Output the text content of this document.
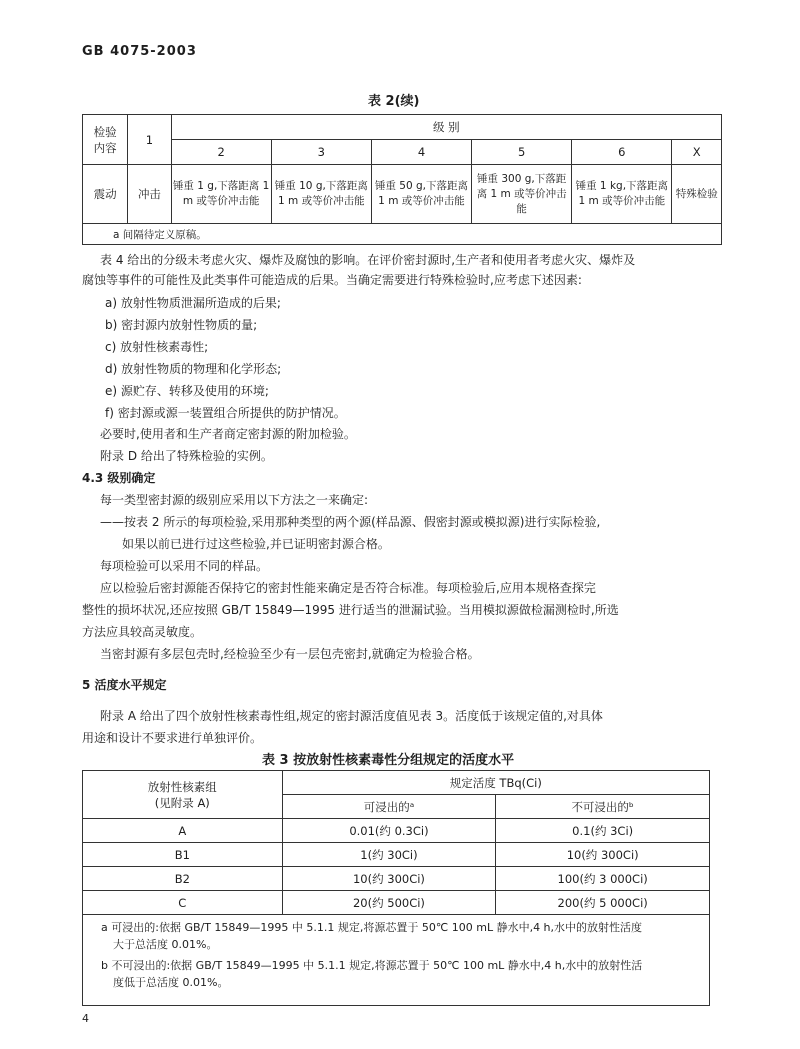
GB 4075-2003
表 2(续)
检验
内容	1	级 别					
		2	3	4	5	6	X
震动	冲击	锤重 1 g,下落距离 1 m 或等价冲击能	锤重 10 g,下落距离 1 m 或等价冲击能	锤重 50 g,下落距离 1 m 或等价冲击能	锤重 300 g,下落距离 1 m 或等价冲击能	锤重 1 kg,下落距离 1 m 或等价冲击能	特殊检验
a 间隔待定义原稿。							
表 4 给出的分级未考虑火灾、爆炸及腐蚀的影响。在评价密封源时,生产者和使用者考虑火灾、爆炸及
腐蚀等事件的可能性及此类事件可能造成的后果。当确定需要进行特殊检验时,应考虑下述因素:
a) 放射性物质泄漏所造成的后果;
b) 密封源内放射性物质的量;
c) 放射性核素毒性;
d) 放射性物质的物理和化学形态;
e) 源贮存、转移及使用的环境;
f) 密封源或源一装置组合所提供的防护情况。
必要时,使用者和生产者商定密封源的附加检验。
附录 D 给出了特殊检验的实例。
4.3 级别确定
每一类型密封源的级别应采用以下方法之一来确定:
——按表 2 所示的每项检验,采用那种类型的两个源(样品源、假密封源或模拟源)进行实际检验,
如果以前已进行过这些检验,并已证明密封源合格。
每项检验可以采用不同的样品。
应以检验后密封源能否保持它的密封性能来确定是否符合标准。每项检验后,应用本规格查探完
整性的损坏状况,还应按照 GB/T 15849—1995 进行适当的泄漏试验。当用模拟源做检漏测检时,所选
方法应具较高灵敏度。
当密封源有多层包壳时,经检验至少有一层包壳密封,就确定为检验合格。
5 活度水平规定
附录 A 给出了四个放射性核素毒性组,规定的密封源活度值见表 3。活度低于该规定值的,对具体
用途和设计不要求进行单独评价。
表 3 按放射性核素毒性分组规定的活度水平
放射性核素组
(见附录 A)	规定活度 TBq(Ci)	
	可浸出的ᵃ	不可浸出的ᵇ
A	0.01(约 0.3Ci)	0.1(约 3Ci)
B1	1(约 30Ci)	10(约 300Ci)
B2	10(约 300Ci)	100(约 3 000Ci)
C	20(约 500Ci)	200(约 5 000Ci)

a 可浸出的:依据 GB/T 15849—1995 中 5.1.1 规定,将源芯置于 50℃ 100 mL 静水中,4 h,水中的放射性活度
大于总活度 0.01%。
b 不可浸出的:依据 GB/T 15849—1995 中 5.1.1 规定,将源芯置于 50℃ 100 mL 静水中,4 h,水中的放射性活
度低于总活度 0.01%。		
4
